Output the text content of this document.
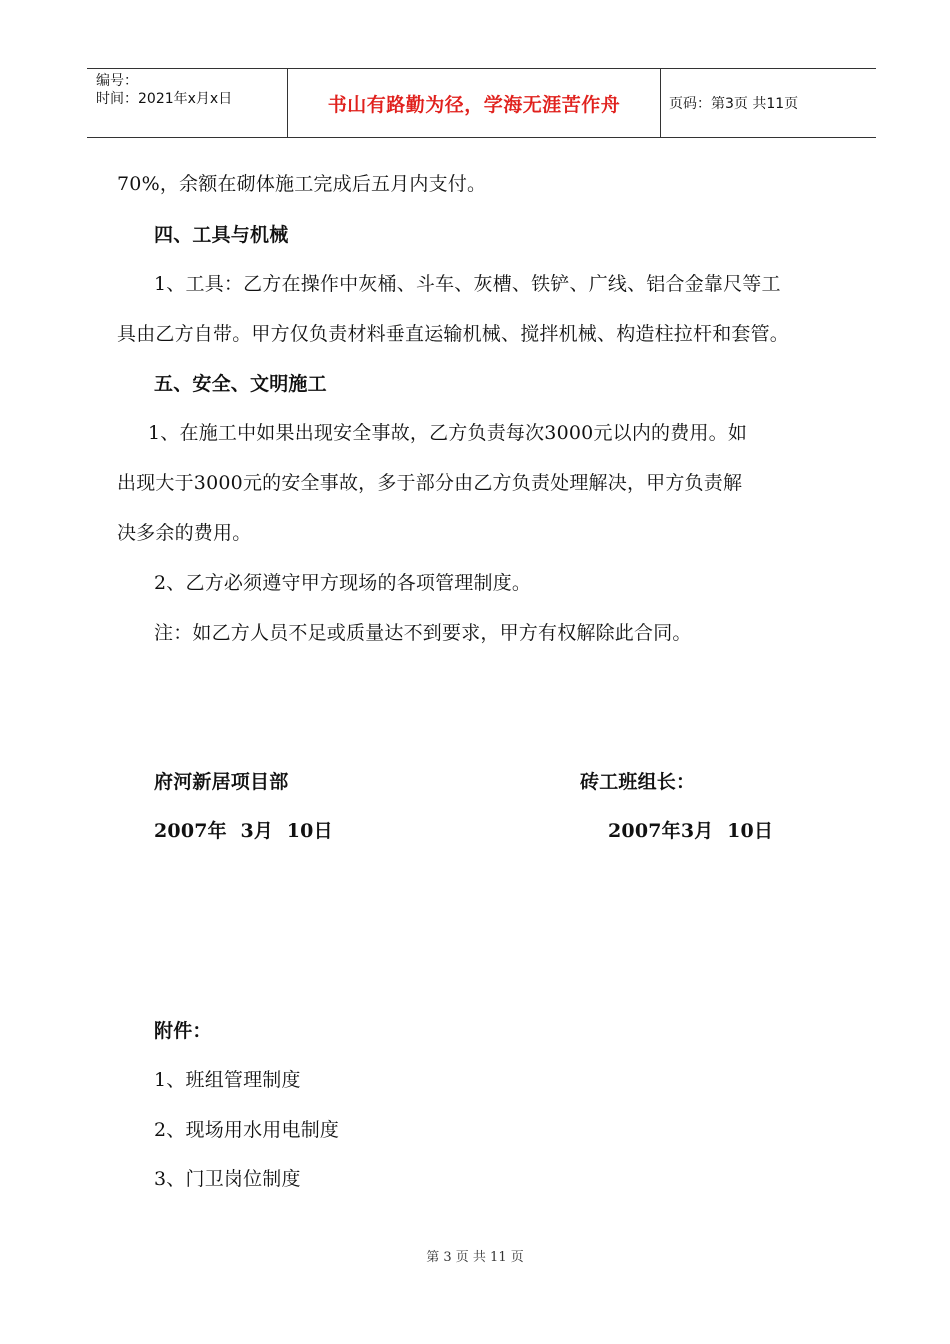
编号：
时间：2021年x月x日	书山有路勤为径，学海无涯苦作舟	页码：第3页 共11页
70%，余额在砌体施工完成后五月内支付。
四、工具与机械
1、工具：乙方在操作中灰桶、斗车、灰槽、铁铲、广线、铝合金靠尺等工
具由乙方自带。甲方仅负责材料垂直运输机械、搅拌机械、构造柱拉杆和套管。
五、安全、文明施工
1、在施工中如果出现安全事故，乙方负责每次3000元以内的费用。如
出现大于3000元的安全事故，多于部分由乙方负责处理解决，甲方负责解
决多余的费用。
2、乙方必须遵守甲方现场的各项管理制度。
注：如乙方人员不足或质量达不到要求，甲方有权解除此合同。
府河新居项目部	砖工班组长：
2007年  3月  10日	2007年3月  10日
附件：
1、班组管理制度
2、现场用水用电制度
3、门卫岗位制度
第 3 页 共 11 页
